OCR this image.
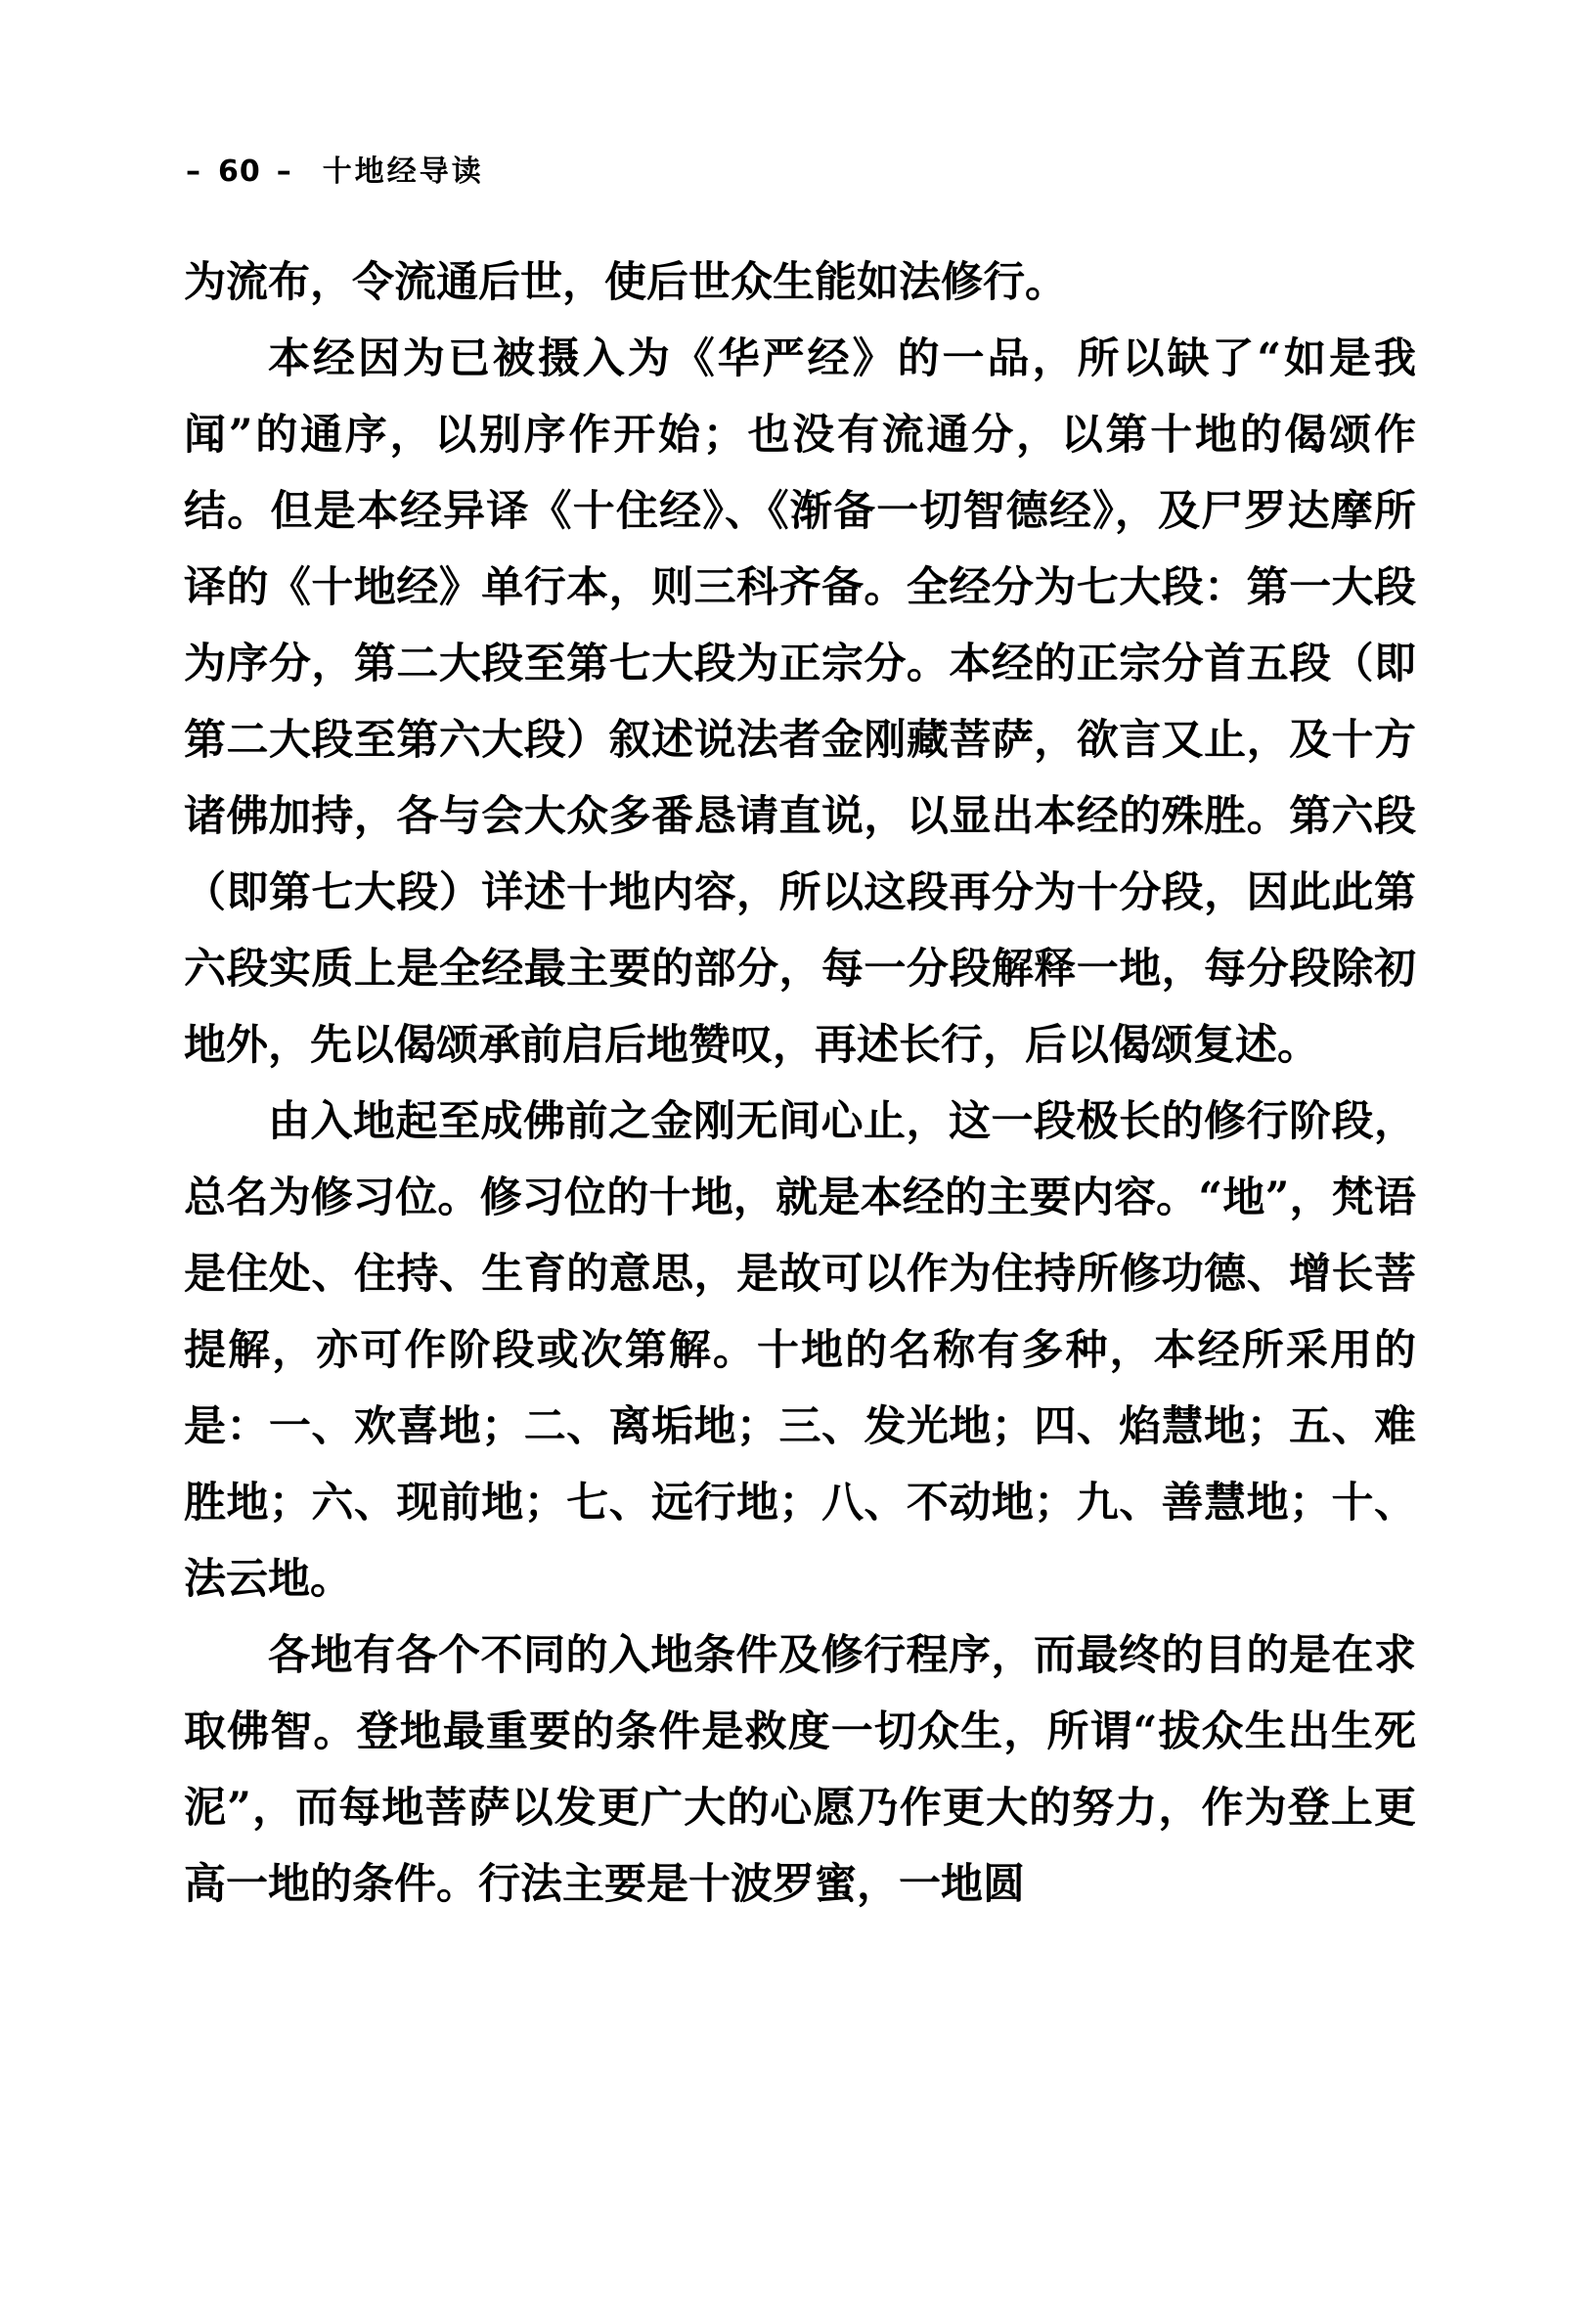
– 60 – 十地经导读

为流布，令流通后世，使后世众生能如法修行。

本经因为已被摄入为《华严经》的一品，所以缺了“如是我闻”的通序，以别序作开始；也没有流通分，以第十地的偈颂作结。但是本经异译《十住经》、《渐备一切智德经》，及尸罗达摩所译的《十地经》单行本，则三科齐备。全经分为七大段：第一大段为序分，第二大段至第七大段为正宗分。本经的正宗分首五段（即第二大段至第六大段）叙述说法者金刚藏菩萨，欲言又止，及十方诸佛加持，各与会大众多番恳请直说，以显出本经的殊胜。第六段（即第七大段）详述十地内容，所以这段再分为十分段，因此此第六段实质上是全经最主要的部分，每一分段解释一地，每分段除初地外，先以偈颂承前启后地赞叹，再述长行，后以偈颂复述。

由入地起至成佛前之金刚无间心止，这一段极长的修行阶段，总名为修习位。修习位的十地，就是本经的主要内容。“地”，梵语是住处、住持、生育的意思，是故可以作为住持所修功德、增长菩提解，亦可作阶段或次第解。十地的名称有多种，本经所采用的是：一、欢喜地；二、离垢地；三、发光地；四、焰慧地；五、难胜地；六、现前地；七、远行地；八、不动地；九、善慧地；十、法云地。

各地有各个不同的入地条件及修行程序，而最终的目的是在求取佛智。登地最重要的条件是救度一切众生，所谓“拔众生出生死泥”，而每地菩萨以发更广大的心愿乃作更大的努力，作为登上更高一地的条件。行法主要是十波罗蜜，一地圆
